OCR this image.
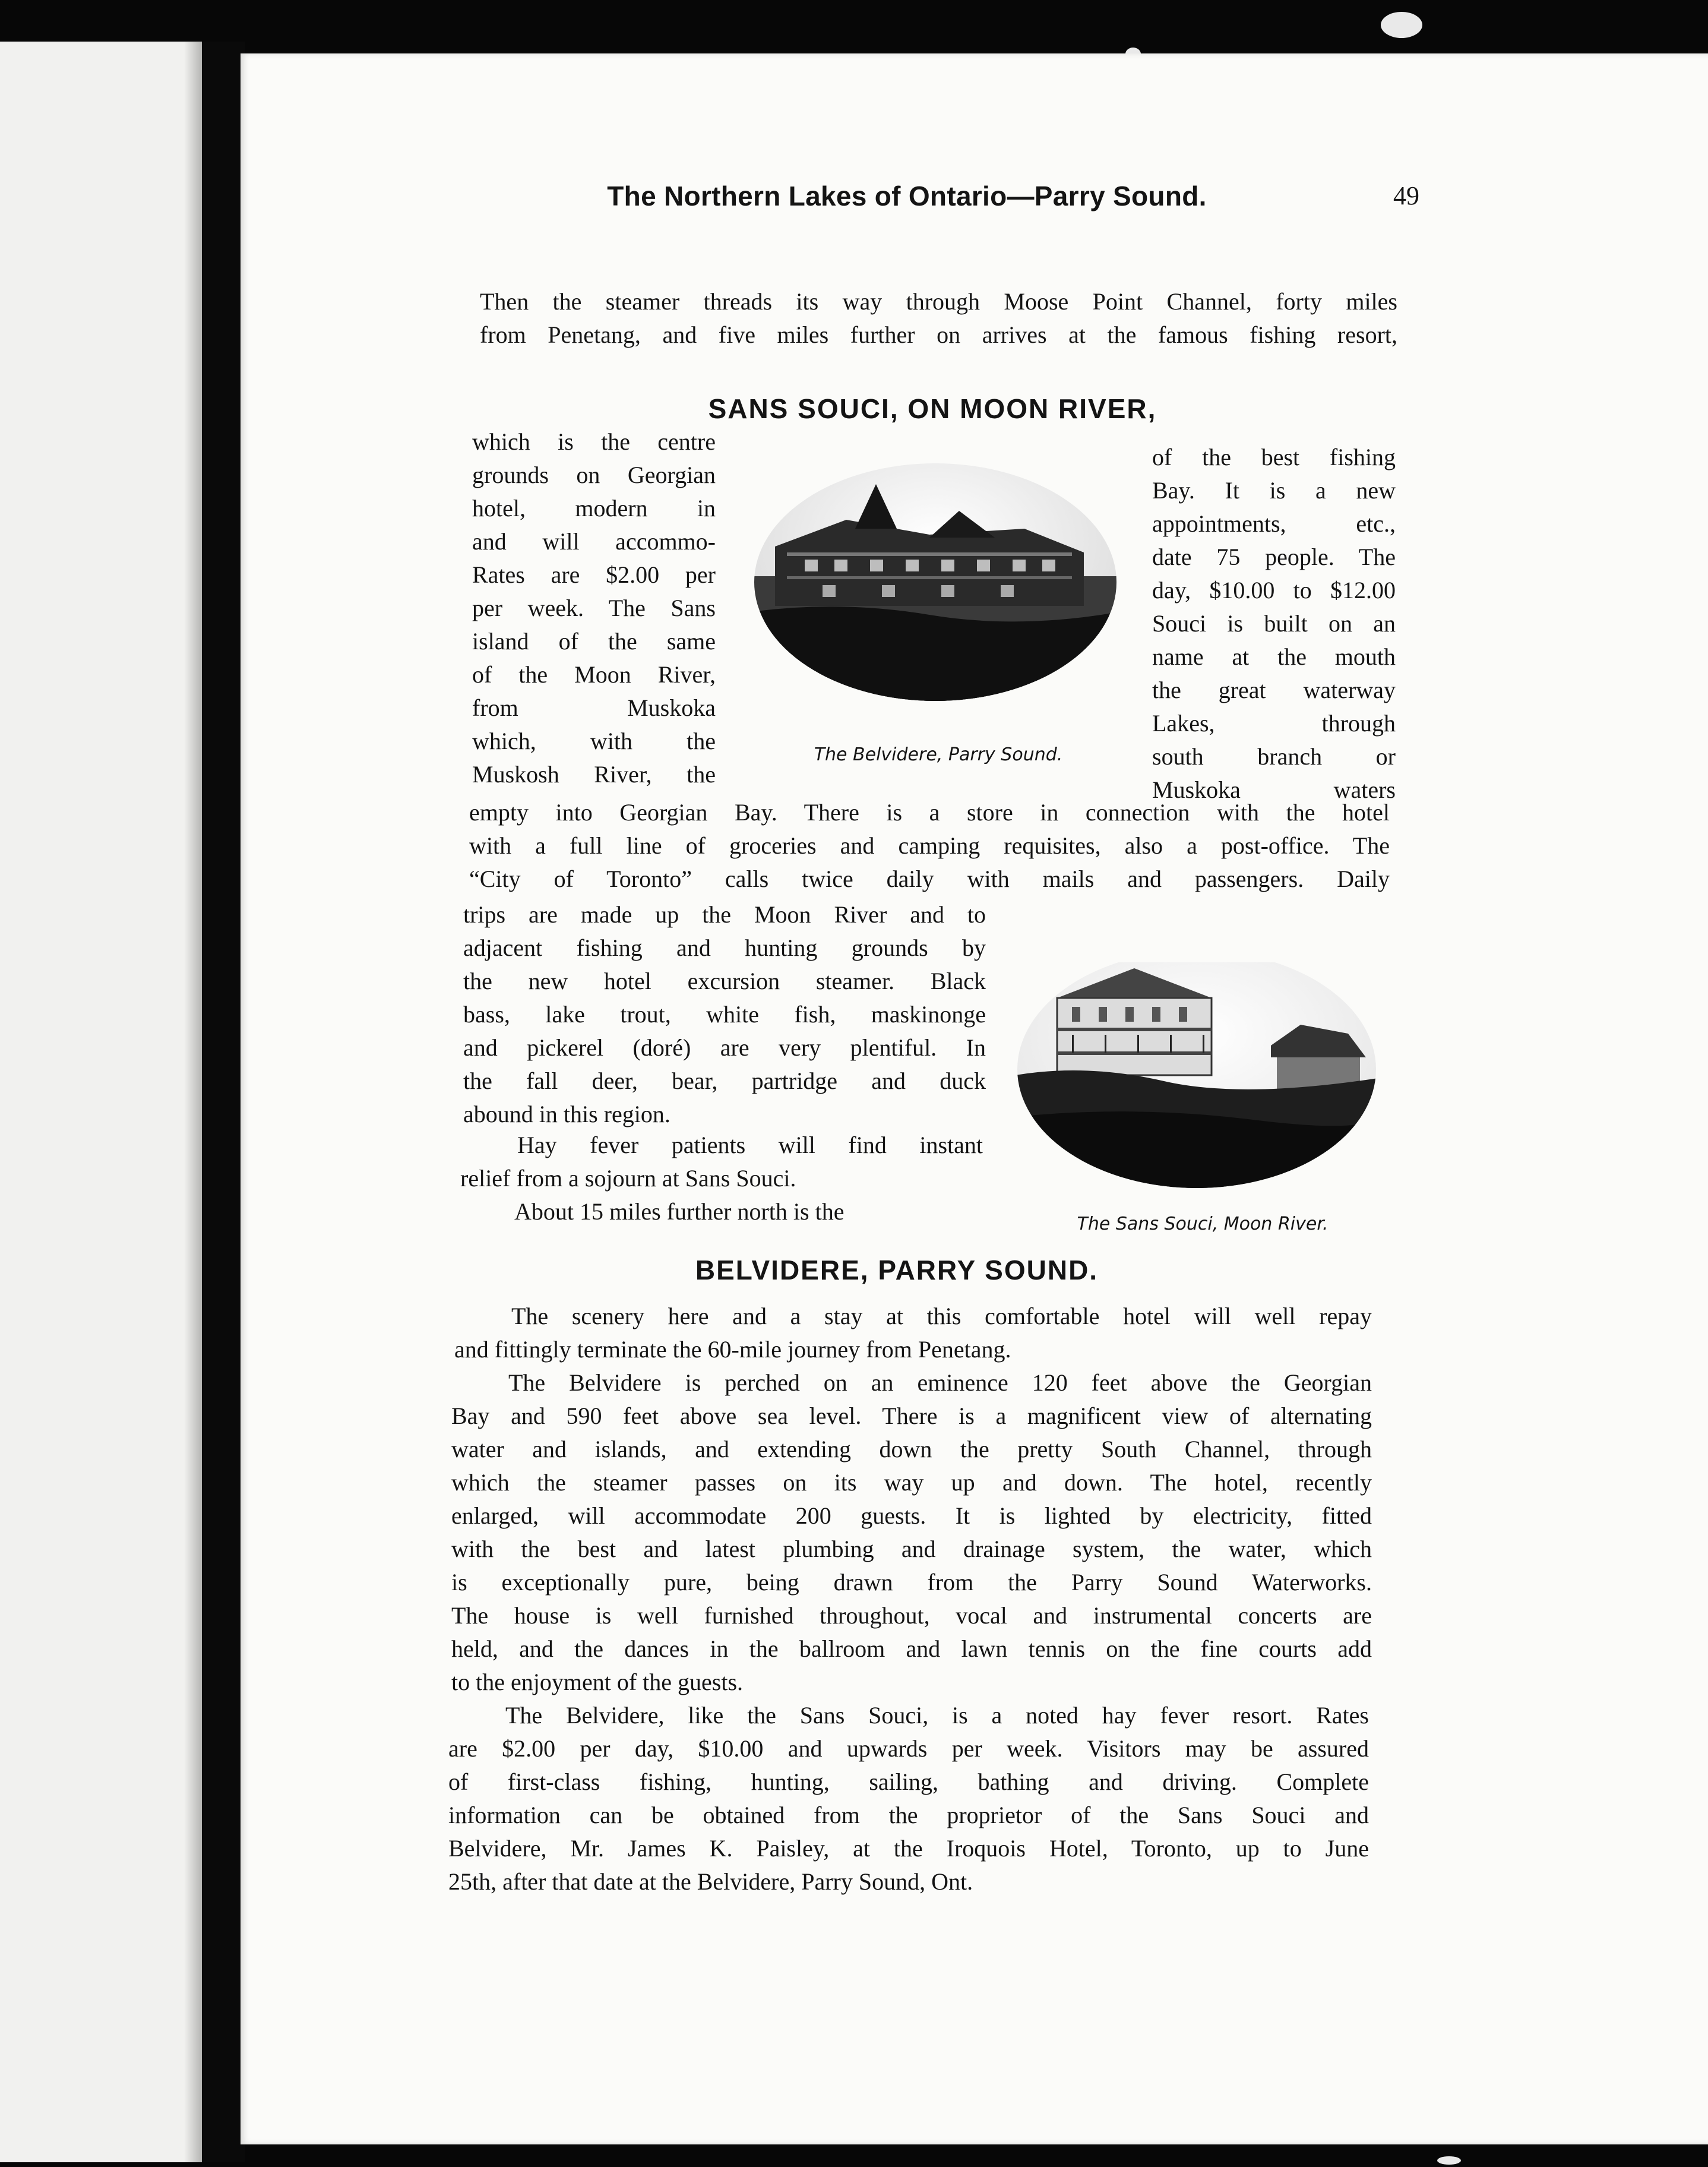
The Northern Lakes of Ontario—Parry Sound.	49
Then the steamer threads its way through Moose Point Channel, forty miles
from Penetang, and five miles further on arrives at the famous fishing resort,
SANS SOUCI, ON MOON RIVER,
which is the centre
grounds on Georgian
hotel, modern in
and will accommo-
Rates are $2.00 per
per week. The Sans
island of the same
of the Moon River,
from Muskoka
which, with the
Muskosh River, the
of the best fishing
Bay. It is a new
appointments, etc.,
date 75 people. The
day, $10.00 to $12.00
Souci is built on an
name at the mouth
the great waterway
Lakes, through
south branch or
Muskoka waters
The Belvidere, Parry Sound.
empty into Georgian Bay. There is a store in connection with the hotel
with a full line of groceries and camping requisites, also a post-office. The
“City of Toronto” calls twice daily with mails and passengers. Daily
trips are made up the Moon River and to
adjacent fishing and hunting grounds by
the new hotel excursion steamer. Black
bass, lake trout, white fish, maskinonge
and pickerel (doré) are very plentiful. In
the fall deer, bear, partridge and duck
abound in this region.
Hay fever patients will find instant
relief from a sojourn at Sans Souci.
About 15 miles further north is the	The Sans Souci, Moon River.
BELVIDERE, PARRY SOUND.
The scenery here and a stay at this comfortable hotel will well repay
and fittingly terminate the 60-mile journey from Penetang.
The Belvidere is perched on an eminence 120 feet above the Georgian
Bay and 590 feet above sea level. There is a magnificent view of alternating
water and islands, and extending down the pretty South Channel, through
which the steamer passes on its way up and down. The hotel, recently
enlarged, will accommodate 200 guests. It is lighted by electricity, fitted
with the best and latest plumbing and drainage system, the water, which
is exceptionally pure, being drawn from the Parry Sound Waterworks.
The house is well furnished throughout, vocal and instrumental concerts are
held, and the dances in the ballroom and lawn tennis on the fine courts add
to the enjoyment of the guests.
The Belvidere, like the Sans Souci, is a noted hay fever resort. Rates
are $2.00 per day, $10.00 and upwards per week. Visitors may be assured
of first-class fishing, hunting, sailing, bathing and driving. Complete
information can be obtained from the proprietor of the Sans Souci and
Belvidere, Mr. James K. Paisley, at the Iroquois Hotel, Toronto, up to June
25th, after that date at the Belvidere, Parry Sound, Ont.
